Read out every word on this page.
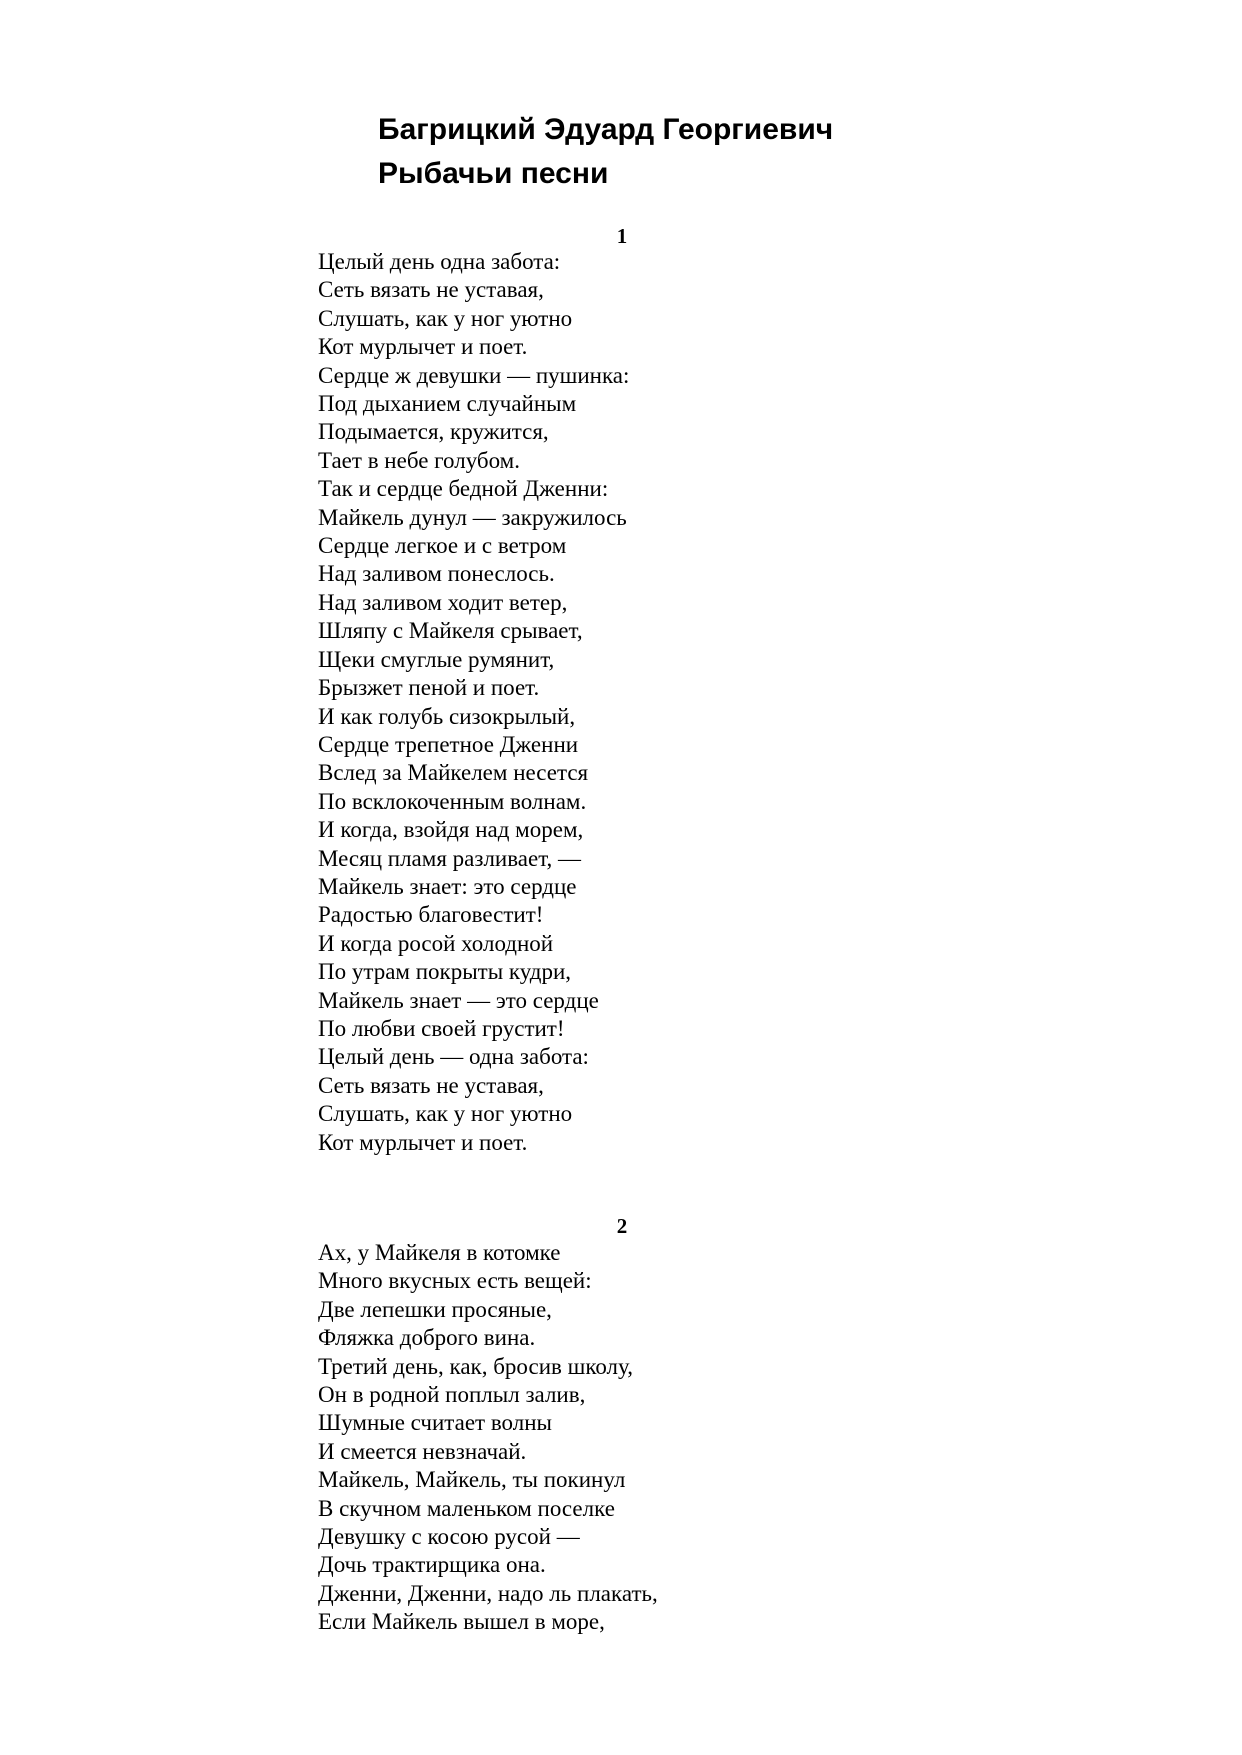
Багрицкий Эдуард Георгиевич
Рыбачьи песни
1
Целый день одна забота:
Сеть вязать не уставая,
Слушать, как у ног уютно
Кот мурлычет и поет.
Сердце ж девушки — пушинка:
Под дыханием случайным
Подымается, кружится,
Тает в небе голубом.
Так и сердце бедной Дженни:
Майкель дунул — закружилось
Сердце легкое и с ветром
Над заливом понеслось.
Над заливом ходит ветер,
Шляпу с Майкеля срывает,
Щеки смуглые румянит,
Брызжет пеной и поет.
И как голубь сизокрылый,
Сердце трепетное Дженни
Вслед за Майкелем несется
По всклокоченным волнам.
И когда, взойдя над морем,
Месяц пламя разливает, —
Майкель знает: это сердце
Радостью благовестит!
И когда росой холодной
По утрам покрыты кудри,
Майкель знает — это сердце
По любви своей грустит!
Целый день — одна забота:
Сеть вязать не уставая,
Слушать, как у ног уютно
Кот мурлычет и поет.
2
Ах, у Майкеля в котомке
Много вкусных есть вещей:
Две лепешки просяные,
Фляжка доброго вина.
Третий день, как, бросив школу,
Он в родной поплыл залив,
Шумные считает волны
И смеется невзначай.
Майкель, Майкель, ты покинул
В скучном маленьком поселке
Девушку с косою русой —
Дочь трактирщика она.
Дженни, Дженни, надо ль плакать,
Если Майкель вышел в море,
